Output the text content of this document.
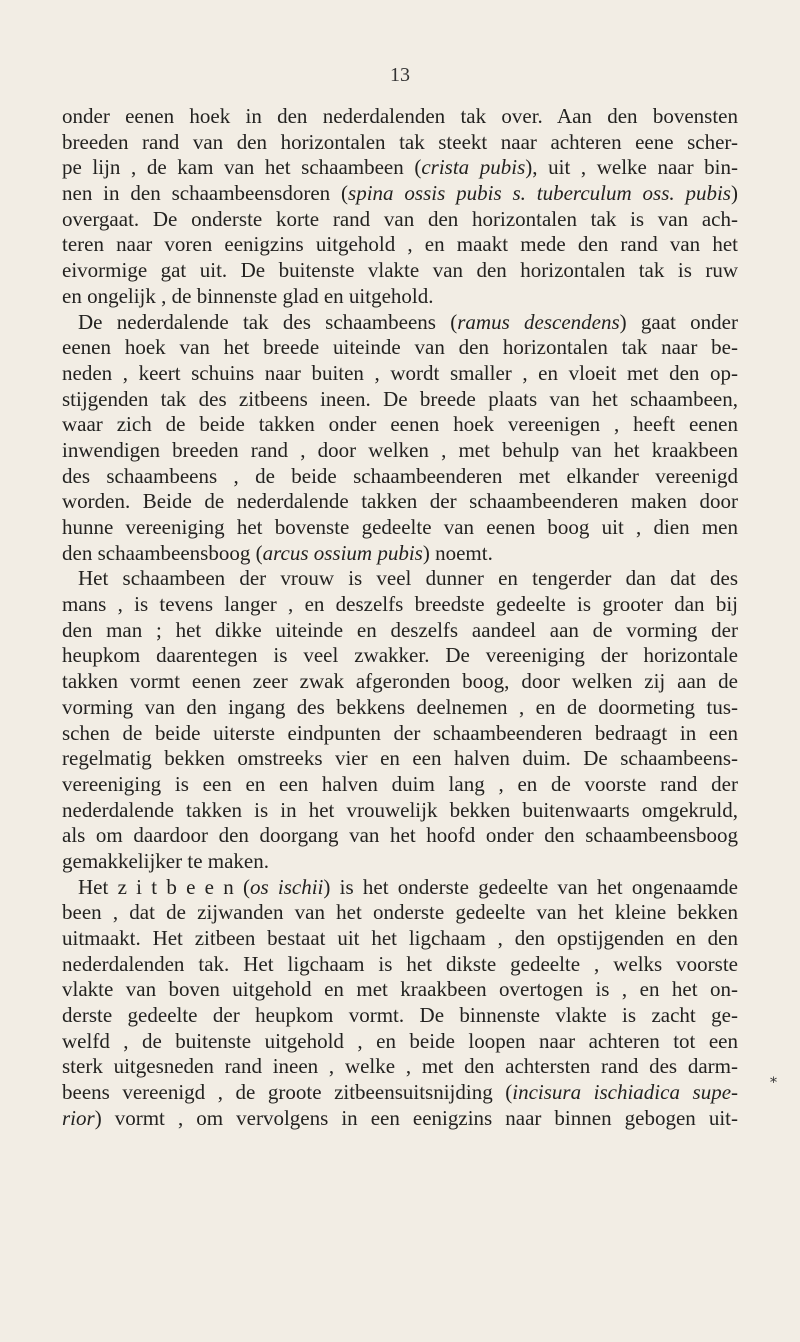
13
onder eenen hoek in den nederdalenden tak over. Aan den bovensten
breeden rand van den horizontalen tak steekt naar achteren eene scher-
pe lijn , de kam van het schaambeen (crista pubis), uit , welke naar bin-
nen in den schaambeensdoren (spina ossis pubis s. tuberculum oss. pubis)
overgaat. De onderste korte rand van den horizontalen tak is van ach-
teren naar voren eenigzins uitgehold , en maakt mede den rand van het
eivormige gat uit. De buitenste vlakte van den horizontalen tak is ruw
en ongelijk , de binnenste glad en uitgehold.
De nederdalende tak des schaambeens (ramus descendens) gaat onder
eenen hoek van het breede uiteinde van den horizontalen tak naar be-
neden , keert schuins naar buiten , wordt smaller , en vloeit met den op-
stijgenden tak des zitbeens ineen. De breede plaats van het schaambeen,
waar zich de beide takken onder eenen hoek vereenigen , heeft eenen
inwendigen breeden rand , door welken , met behulp van het kraakbeen
des schaambeens , de beide schaambeenderen met elkander vereenigd
worden. Beide de nederdalende takken der schaambeenderen maken door
hunne vereeniging het bovenste gedeelte van eenen boog uit , dien men
den schaambeensboog (arcus ossium pubis) noemt.
Het schaambeen der vrouw is veel dunner en tengerder dan dat des
mans , is tevens langer , en deszelfs breedste gedeelte is grooter dan bij
den man ; het dikke uiteinde en deszelfs aandeel aan de vorming der
heupkom daarentegen is veel zwakker. De vereeniging der horizontale
takken vormt eenen zeer zwak afgeronden boog, door welken zij aan de
vorming van den ingang des bekkens deelnemen , en de doormeting tus-
schen de beide uiterste eindpunten der schaambeenderen bedraagt in een
regelmatig bekken omstreeks vier en een halven duim. De schaambeens-
vereeniging is een en een halven duim lang , en de voorste rand der
nederdalende takken is in het vrouwelijk bekken buitenwaarts omgekruld,
als om daardoor den doorgang van het hoofd onder den schaambeensboog
gemakkelijker te maken.
Het z i t b e e n (os ischii) is het onderste gedeelte van het ongenaamde
been , dat de zijwanden van het onderste gedeelte van het kleine bekken
uitmaakt. Het zitbeen bestaat uit het ligchaam , den opstijgenden en den
nederdalenden tak. Het ligchaam is het dikste gedeelte , welks voorste
vlakte van boven uitgehold en met kraakbeen overtogen is , en het on-
derste gedeelte der heupkom vormt. De binnenste vlakte is zacht ge-
welfd , de buitenste uitgehold , en beide loopen naar achteren tot een
sterk uitgesneden rand ineen , welke , met den achtersten rand des darm-
beens vereenigd , de groote zitbeensuitsnijding (incisura ischiadica supe-
rior) vormt , om vervolgens in een eenigzins naar binnen gebogen uit-
*
